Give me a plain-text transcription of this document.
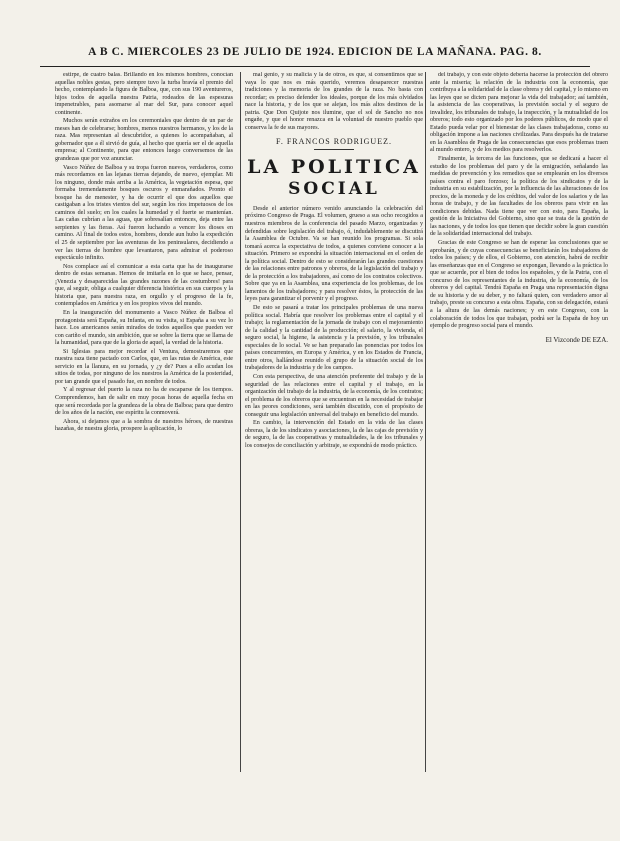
A B C. MIERCOLES 23 DE JULIO DE 1924. EDICION DE LA MAÑANA. PAG. 8.

estirpe, de cuatro balas. Brillando en los mismos hombres, conocían aquellas nobles gestas, pero siempre tuvo la turba bravía el premio del hecho, contemplando la figura de Balboa, que, con sus 190 aventureros, hijos todos de aquella nuestra Patria, rodeados de las espesuras impenetrables, para asomarse al mar del Sur, para conocer aquel continente.

Muchos serán extraños en los ceremoniales que dentro de un par de meses han de celebrarse; hombres, menos nuestros hermanos, y los de la raza. Mas representan al descubridor, a quienes lo acompañaban, al gobernador que a él sirvió de guía, al hecho que quería ser el de aquella empresa; al Continente, para que entonces luego conversemos de las grandezas que por voz anunciar.

Vasco Núñez de Balboa y su tropa fueron nuevos, verdaderos, como más recordamos en las lejanas tierras dejando, de nuevo, ejemplar. Mi los ninguno, donde más arriba a la América, la vegetación espesa, que formaba tremendamente bosques oscuros y enmarañados. Pronto el bosque ha de menester, y ha de ocurrir el que dos aquellos que castigaban a los tristes vientos del sur, según los ríos impetuosos de los caminos del suelo; en los cuales la humedad y el fuerte se mantenían. Las cañas cubrían a las aguas, que sobresalían entonces, deja entre las serpientes y las fieras. Así fueron luchando a vencer los dioses en camino. Al final de todos estos, hombres, donde aun hubo la expedición el 25 de septiembre por las aventuras de los peninsulares, decidiendo a ver las tierras de hombre que levantaron, para admirar el poderoso espectáculo infinito.

Nos complace así el comunicar a esta carta que ha de inaugurarse dentro de estas semanas. Hemos de imitarla en lo que se hace, pensar, ¡Venezia y desaparecidas las grandes razones de las costumbres! para que, al seguir, obliga a cualquier diferencia histórica en sus cuerpos y la historia que, para nuestra raza, en orgullo y el progreso de la fe, contemplados en América y en los propios vivos del mundo.

En la inauguración del monumento a Vasco Núñez de Balboa el protagonista será España, su Infanta, en su visita, si España a su vez lo hace. Los americanos serán mirados de todos aquellos que pueden ver con cariño el mundo, sin ambición, que se sobre la tierra que se llama de la humanidad, para que de la gloria de aquel, la verdad de la historia.

Si Iglesias para mejor recordar el Ventura, demostraremos que nuestra raza tiene pactado con Carlos, que, en las rutas de América, este servicio en la llanura, en su jornada, y ¿y de? Pues a ello acudan los sitios de todas, por ninguno de los nuestros la América de la posteridad, por tan grande que el pasado fue, en nombre de todos.

Y al regresar del puerto la raza no ha de escaparse de los tiempos. Comprendemos, han de salir en muy pocas horas de aquella fecha en que será recordada por la grandeza de la obra de Balboa; para que dentro de los años de la nación, ese espíritu la conmoverá.

Ahora, si dejamos que a la sombra de nuestros héroes, de nuestras hazañas, de nuestra gloria, prospere la aplicación, lo

mal genio, y su malicia y la de otros, es que, si consentimos que se vaya lo que nos es más querido, veremos desaparecer nuestras tradiciones y la memoria de los grandes de la raza. No basta con recordar; es preciso defender los ideales, porque de los más olvidados nace la historia, y de los que se alejan, los más altos destinos de la patria. Que Don Quijote nos ilumine, que el sol de Sancho no nos engañe, y que el honor renazca en la voluntad de nuestro pueblo que conserva la fe de sus mayores.

F. FRANCOS RODRIGUEZ.
LA POLITICA
SOCIAL

Desde el anterior número venido anunciando la celebración del próximo Congreso de Praga. El volumen, grueso a sus ocho recogidos a nuestros miembros de la conferencia del pasado Marzo, organizadas y defendidas sobre legislación del trabajo, ó, indudablemente se discutirá la Asamblea de Octubre. Va se han reunido los programas. Si sola tomará acerca la expectativa de todos, a quienes conviene conocer a la situación. Primero se expondrá la situación internacional en el orden de la política social. Dentro de esto se considerarán las grandes cuestiones de las relaciones entre patronos y obreros, de la legislación del trabajo y de la protección a los trabajadores, así como de los contratos colectivos. Sobre que ya en la Asamblea, una experiencia de los problemas, de los lamentos de los trabajadores; y para resolver éstos, la protección de las leyes para garantizar el porvenir y el progreso.

De esto se pasará a tratar los principales problemas de una nueva política social. Habría que resolver los problemas entre el capital y el trabajo; la reglamentación de la jornada de trabajo con el mejoramiento de la calidad y la cantidad de la producción; el salario, la vivienda, el seguro social, la higiene, la asistencia y la previsión, y los tribunales especiales de lo social. Ve se han preparado las ponencias por todos los países concurrentes, en Europa y América, y en los Estados de Francia, entre otros, hallándose reunido el grupo de la situación social de los trabajadores de la industria y de los campos.

Con esta perspectiva, de una atención preferente del trabajo y de la seguridad de las relaciones entre el capital y el trabajo, en la organización del trabajo de la industria, de la economía, de los contratos; el problema de los obreros que se encuentran en la necesidad de trabajar en las peores condiciones, será también discutido, con el propósito de conseguir una legislación universal del trabajo en beneficio del mundo.

En cambio, la intervención del Estado en la vida de las clases obreras, la de los sindicatos y asociaciones, la de las cajas de previsión y de seguro, la de las cooperativas y mutualidades, la de los tribunales y los consejos de conciliación y arbitraje, se expondrá de modo práctico.

del trabajo, y con este objeto debería hacerse la protección del obrero ante la miseria; la relación de la industria con la economía, que contribuya a la solidaridad de la clase obrera y del capital, y lo mismo en las leyes que se dicten para mejorar la vida del trabajador; así también, la asistencia de las cooperativas, la previsión social y el seguro de invalidez, los tribunales de trabajo, la inspección, y la mutualidad de los obreros; todo esto organizado por los poderes públicos, de modo que el Estado pueda velar por el bienestar de las clases trabajadoras, como su obligación impone a las naciones civilizadas. Para después ha de tratarse en la Asamblea de Praga de las consecuencias que esos problemas traen al mundo entero, y de los medios para resolverlos.

Finalmente, la tercera de las funciones, que se dedicará a hacer el estudio de los problemas del paro y de la emigración, señalando las medidas de prevención y los remedios que se emplearán en los diversos países contra el paro forzoso; la política de los sindicatos y de la industria en su estabilización, por la influencia de las alteraciones de los precios, de la moneda y de los créditos, del valor de los salarios y de las horas de trabajo, y de las facultades de los obreros para vivir en las condiciones debidas. Nada tiene que ver con esto, para España, la gestión de la Iniciativa del Gobierno, sino que se trata de la gestión de las naciones, y de todos los que tienen que decidir sobre la gran cuestión de la solidaridad internacional del trabajo.

Gracias de este Congreso se han de esperar las conclusiones que se aprobarán, y de cuyas consecuencias se beneficiarán los trabajadores de todos los países; y de ellos, el Gobierno, con atención, habrá de recibir las enseñanzas que en el Congreso se expongan, llevando a la práctica lo que se acuerde, por el bien de todos los españoles, y de la Patria, con el concurso de los representantes de la industria, de la economía, de los obreros y del capital. Tendrá España en Praga una representación digna de su historia y de su deber, y no faltará quien, con verdadero amor al trabajo, preste su concurso a esta obra. España, con su delegación, estará a la altura de las demás naciones; y en este Congreso, con la colaboración de todos los que trabajan, podrá ser la España de hoy un ejemplo de progreso social para el mundo.

El Vizconde DE EZA.
